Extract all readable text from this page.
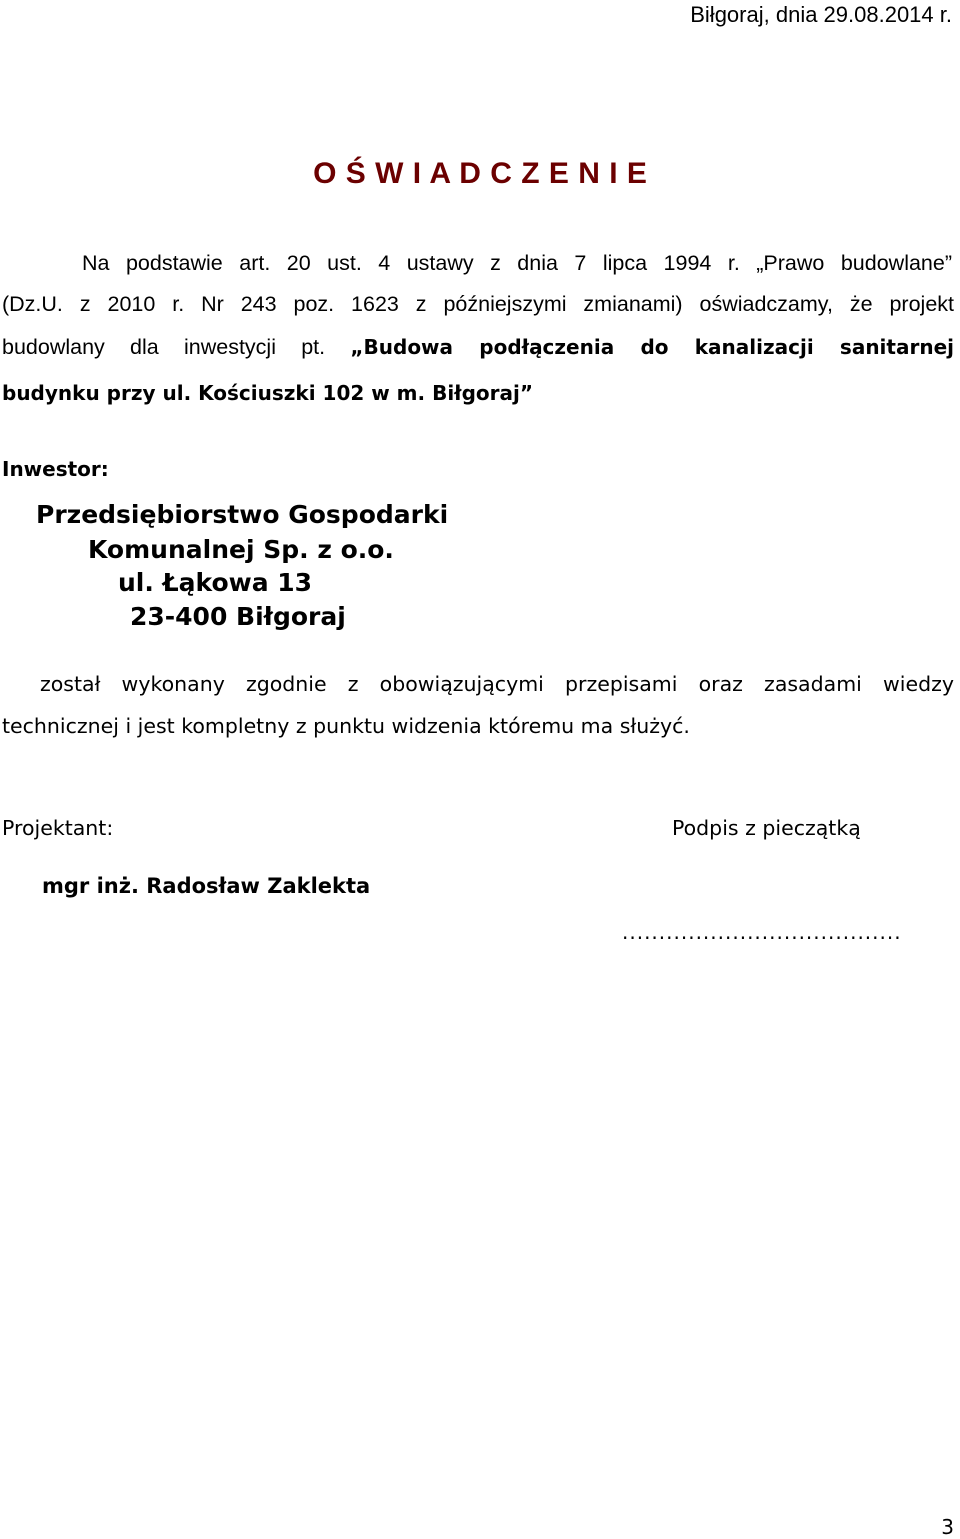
Biłgoraj, dnia 29.08.2014 r.
O Ś W I A D C Z E N I E
Na podstawie art. 20 ust. 4 ustawy z dnia 7 lipca 1994 r. „Prawo budowlane”
(Dz.U. z 2010 r. Nr 243 poz. 1623 z późniejszymi zmianami) oświadczamy, że projekt
budowlany dla inwestycji pt. „Budowa podłączenia do kanalizacji sanitarnej
budynku przy ul. Kościuszki 102 w m. Biłgoraj”
Inwestor:
Przedsiębiorstwo Gospodarki
Komunalnej Sp. z o.o.
ul. Łąkowa 13
23-400 Biłgoraj
został wykonany zgodnie z obowiązującymi przepisami oraz zasadami wiedzy
technicznej i jest kompletny z punktu widzenia któremu ma służyć.
Projektant:	Podpis z pieczątką
mgr inż. Radosław Zaklekta
......................................
3
